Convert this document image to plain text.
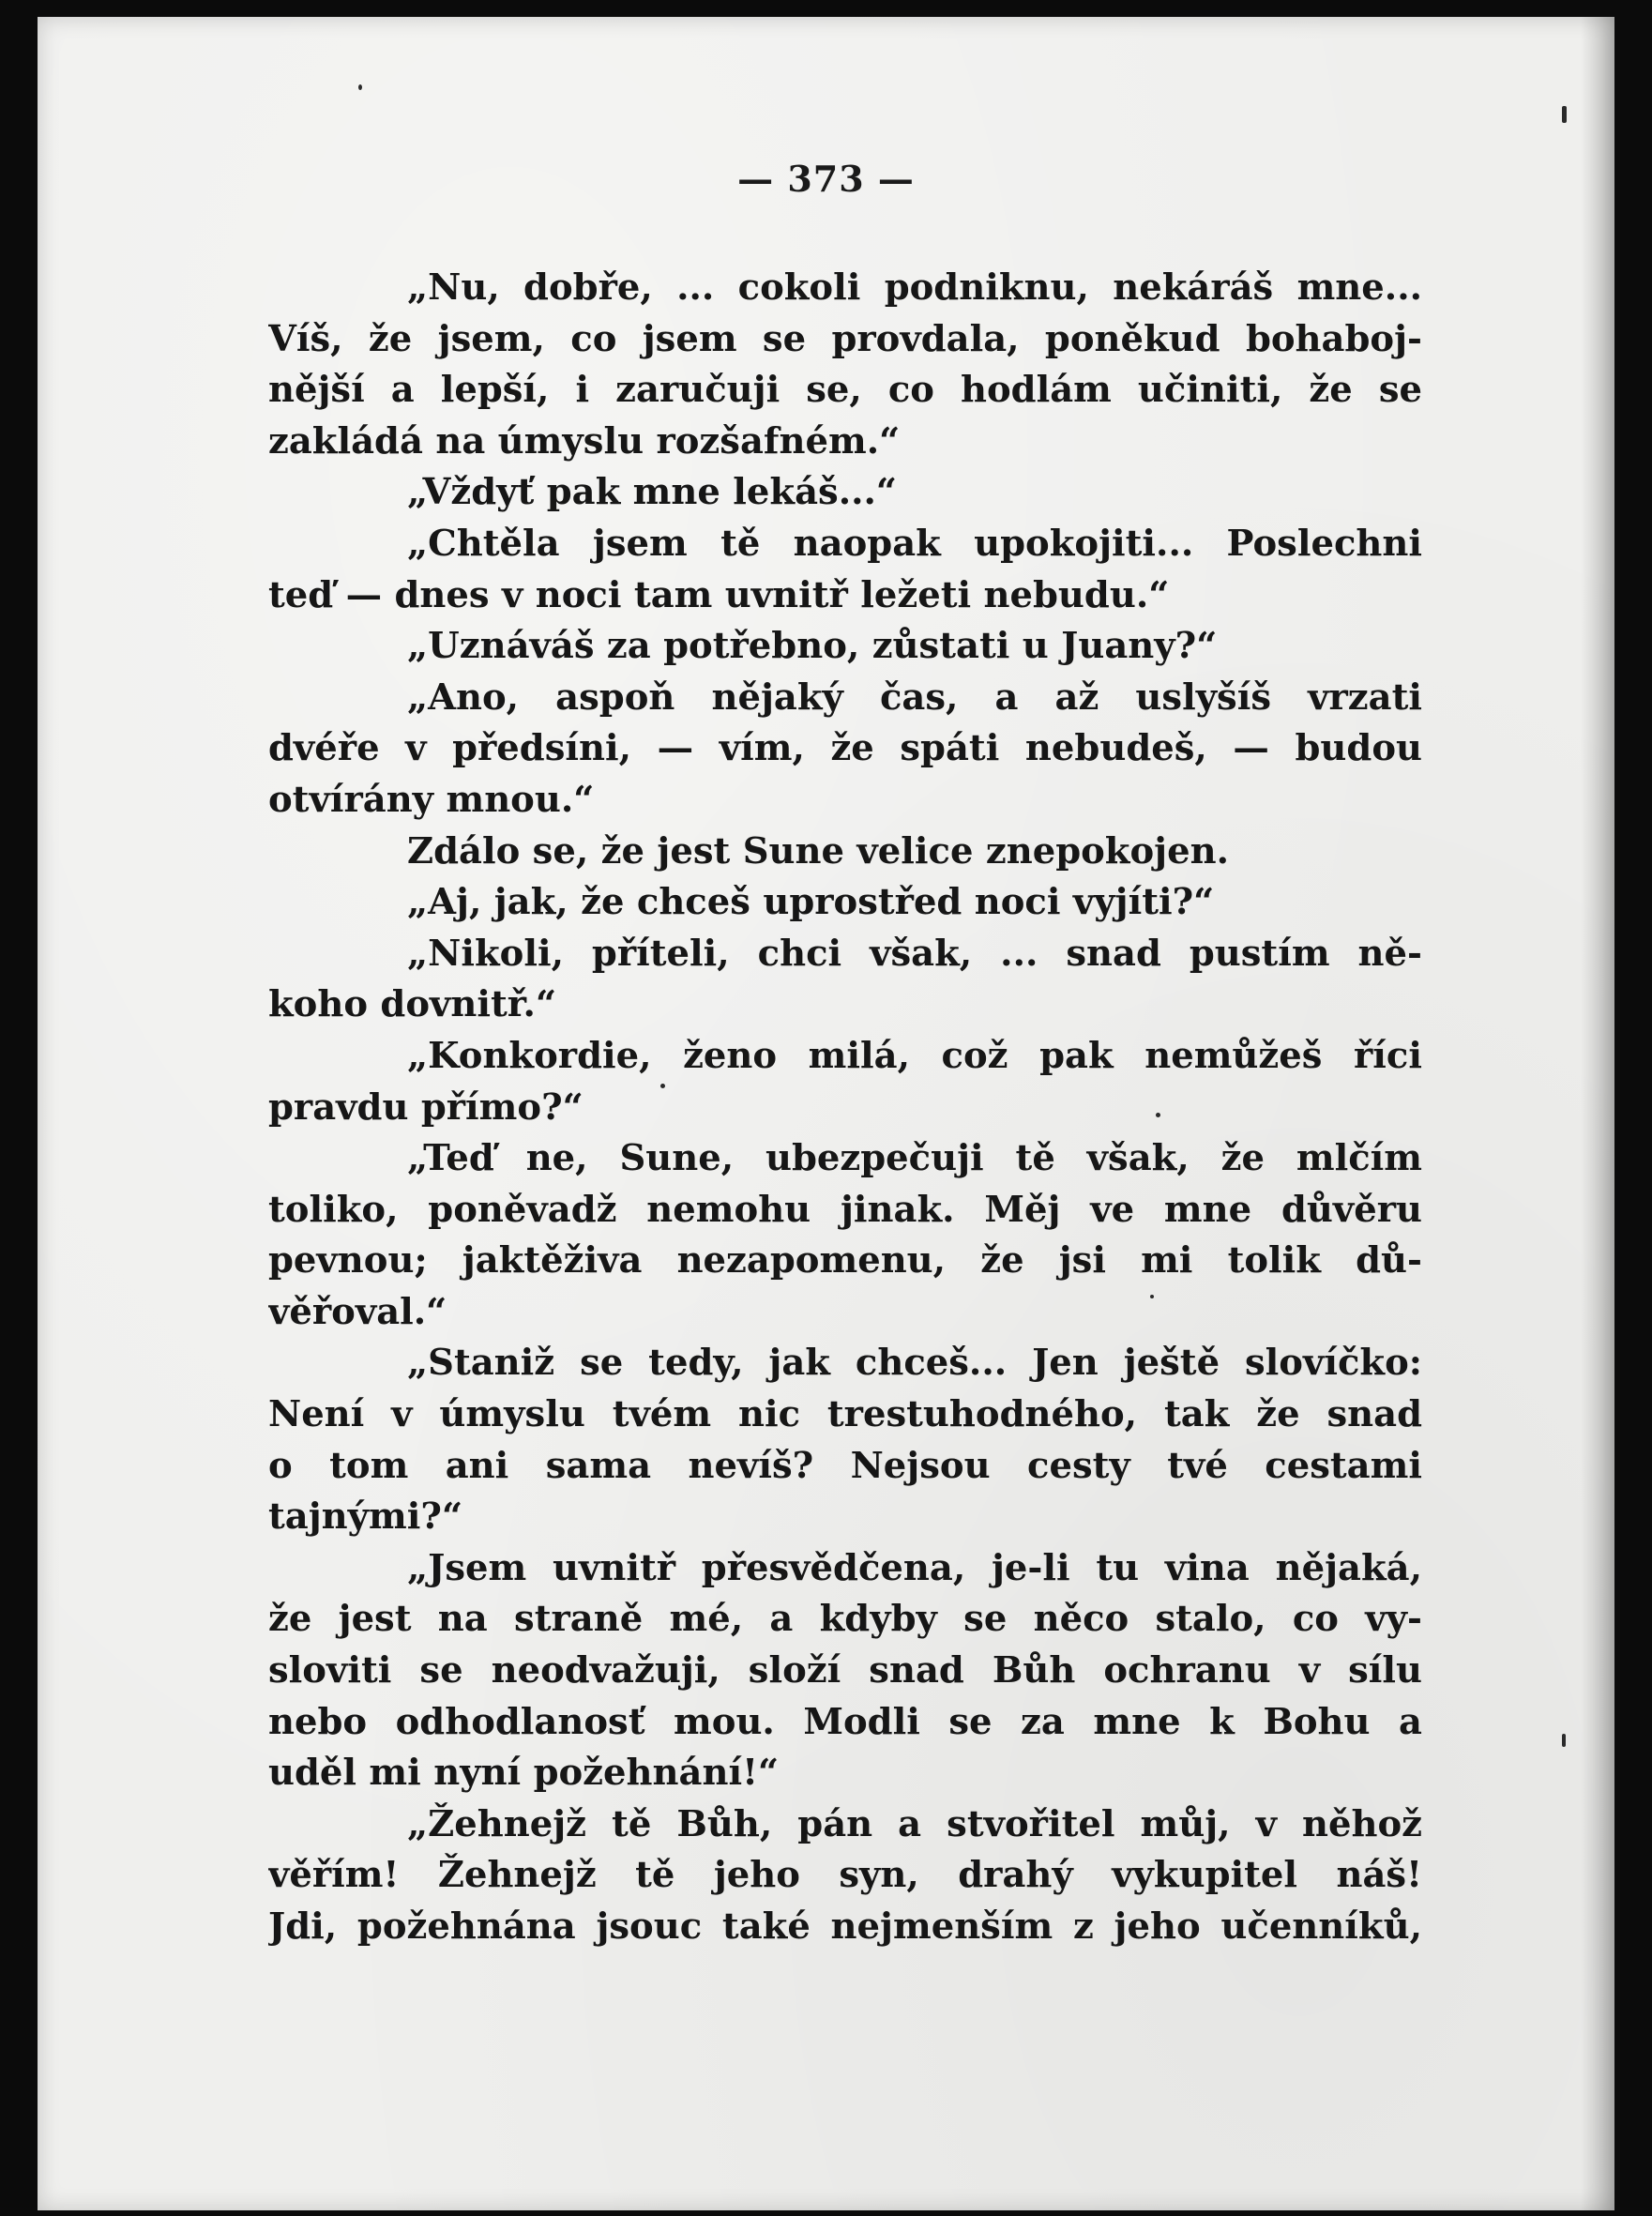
— 373 —
„Nu, dobře, ... cokoli podniknu, nekáráš mne...
Víš, že jsem, co jsem se provdala, poněkud bohaboj-
nější a lepší, i zaručuji se, co hodlám učiniti, že se
zakládá na úmyslu rozšafném.“
„Vždyť pak mne lekáš...“
„Chtěla jsem tě naopak upokojiti... Poslechni
teď — dnes v noci tam uvnitř ležeti nebudu.“
„Uznáváš za potřebno, zůstati u Juany?“
„Ano, aspoň nějaký čas, a až uslyšíš vrzati
dvéře v předsíni, — vím, že spáti nebudeš, — budou
otvírány mnou.“
Zdálo se, že jest Sune velice znepokojen.
„Aj, jak, že chceš uprostřed noci vyjíti?“
„Nikoli, příteli, chci však, ... snad pustím ně-
koho dovnitř.“
„Konkordie, ženo milá, což pak nemůžeš říci
pravdu přímo?“
„Teď ne, Sune, ubezpečuji tě však, že mlčím
toliko, poněvadž nemohu jinak. Měj ve mne důvěru
pevnou; jaktěživa nezapomenu, že jsi mi tolik dů-
věřoval.“
„Staniž se tedy, jak chceš... Jen ještě slovíčko:
Není v úmyslu tvém nic trestuhodného, tak že snad
o tom ani sama nevíš? Nejsou cesty tvé cestami
tajnými?“
„Jsem uvnitř přesvědčena, je-li tu vina nějaká,
že jest na straně mé, a kdyby se něco stalo, co vy-
sloviti se neodvažuji, složí snad Bůh ochranu v sílu
nebo odhodlanosť mou. Modli se za mne k Bohu a
uděl mi nyní požehnání!“
„Žehnejž tě Bůh, pán a stvořitel můj, v něhož
věřím! Žehnejž tě jeho syn, drahý vykupitel náš!
Jdi, požehnána jsouc také nejmenším z jeho učenníků,
